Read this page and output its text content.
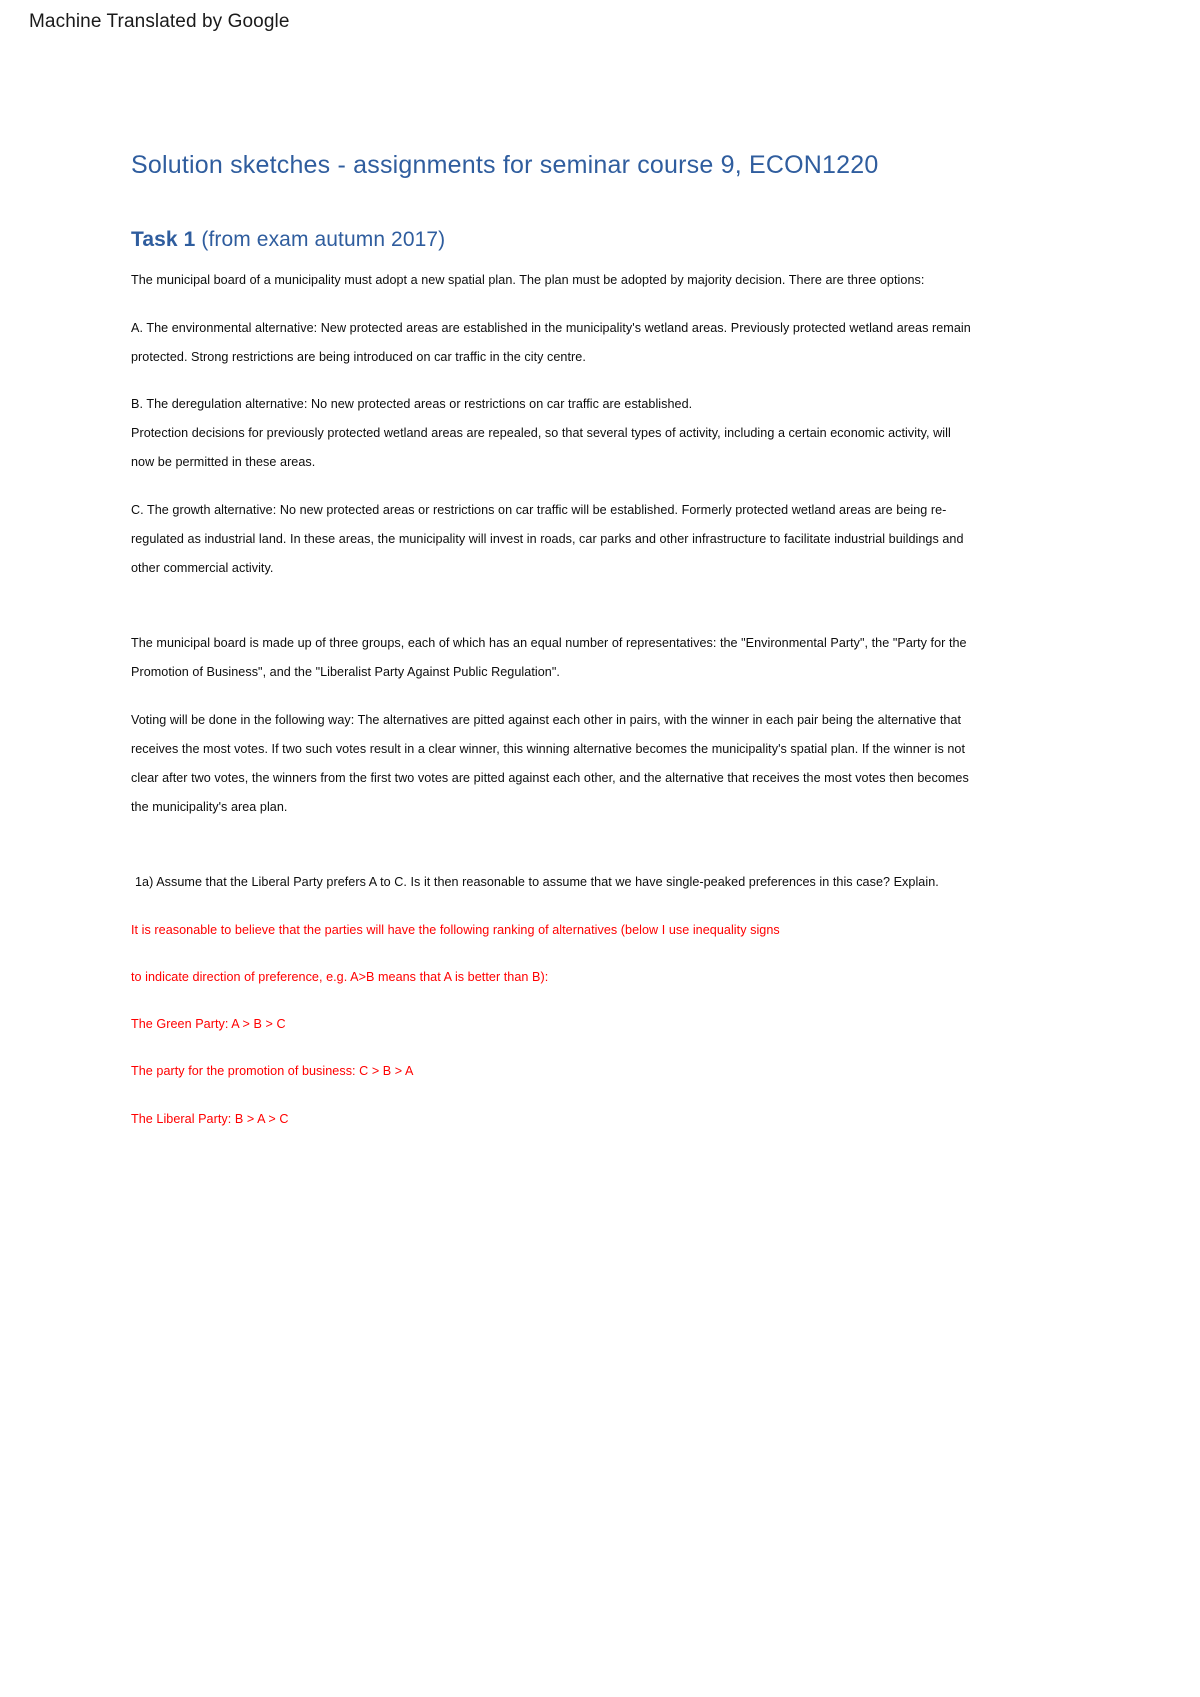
Machine Translated by Google
Solution sketches - assignments for seminar course 9, ECON1220
Task 1 (from exam autumn 2017)

The municipal board of a municipality must adopt a new spatial plan. The plan must be adopted by majority decision. There are three options:

A. The environmental alternative: New protected areas are established in the municipality's wetland areas. Previously protected wetland areas remain protected. Strong restrictions are being introduced on car traffic in the city centre.

B. The deregulation alternative: No new protected areas or restrictions on car traffic are established.

Protection decisions for previously protected wetland areas are repealed, so that several types of activity, including a certain economic activity, will now be permitted in these areas.

C. The growth alternative: No new protected areas or restrictions on car traffic will be established. Formerly protected wetland areas are being re-regulated as industrial land. In these areas, the municipality will invest in roads, car parks and other infrastructure to facilitate industrial buildings and other commercial activity.

The municipal board is made up of three groups, each of which has an equal number of representatives: the "Environmental Party", the "Party for the Promotion of Business", and the "Liberalist Party Against Public Regulation".

Voting will be done in the following way: The alternatives are pitted against each other in pairs, with the winner in each pair being the alternative that receives the most votes. If two such votes result in a clear winner, this winning alternative becomes the municipality's spatial plan. If the winner is not clear after two votes, the winners from the first two votes are pitted against each other, and the alternative that receives the most votes then becomes the municipality's area plan.

1a) Assume that the Liberal Party prefers A to C. Is it then reasonable to assume that we have single-peaked preferences in this case? Explain.

It is reasonable to believe that the parties will have the following ranking of alternatives (below I use inequality signs

to indicate direction of preference, e.g. A>B means that A is better than B):

The Green Party: A > B > C

The party for the promotion of business: C > B > A

The Liberal Party: B > A > C
